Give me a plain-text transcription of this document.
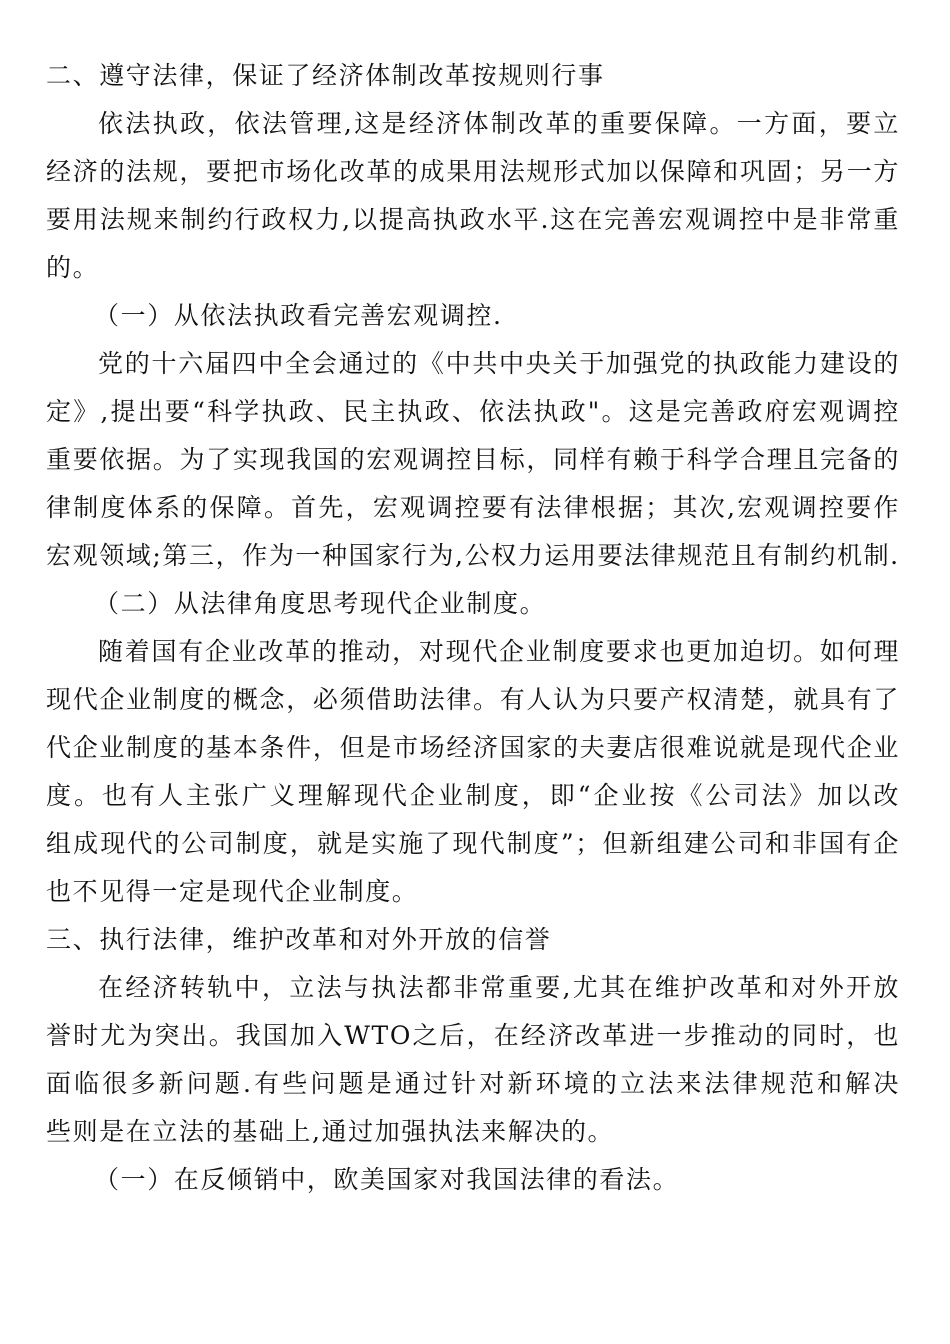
二、遵守法律，保证了经济体制改革按规则行事
依法执政，依法管理,这是经济体制改革的重要保障。一方面，要立
经济的法规，要把市场化改革的成果用法规形式加以保障和巩固；另一方
要用法规来制约行政权力,以提高执政水平.这在完善宏观调控中是非常重
的。
（一）从依法执政看完善宏观调控.
党的十六届四中全会通过的《中共中央关于加强党的执政能力建设的
定》,提出要“科学执政、民主执政、依法执政"。这是完善政府宏观调控
重要依据。为了实现我国的宏观调控目标，同样有赖于科学合理且完备的
律制度体系的保障。首先，宏观调控要有法律根据；其次,宏观调控要作
宏观领域;第三，作为一种国家行为,公权力运用要法律规范且有制约机制.
（二）从法律角度思考现代企业制度。
随着国有企业改革的推动，对现代企业制度要求也更加迫切。如何理
现代企业制度的概念，必须借助法律。有人认为只要产权清楚，就具有了
代企业制度的基本条件，但是市场经济国家的夫妻店很难说就是现代企业
度。也有人主张广义理解现代企业制度，即“企业按《公司法》加以改
组成现代的公司制度，就是实施了现代制度”；但新组建公司和非国有企
也不见得一定是现代企业制度。
三、执行法律，维护改革和对外开放的信誉
在经济转轨中，立法与执法都非常重要,尤其在维护改革和对外开放
誉时尤为突出。我国加入WTO之后，在经济改革进一步推动的同时，也
面临很多新问题.有些问题是通过针对新环境的立法来法律规范和解决
些则是在立法的基础上,通过加强执法来解决的。
（一）在反倾销中，欧美国家对我国法律的看法。
